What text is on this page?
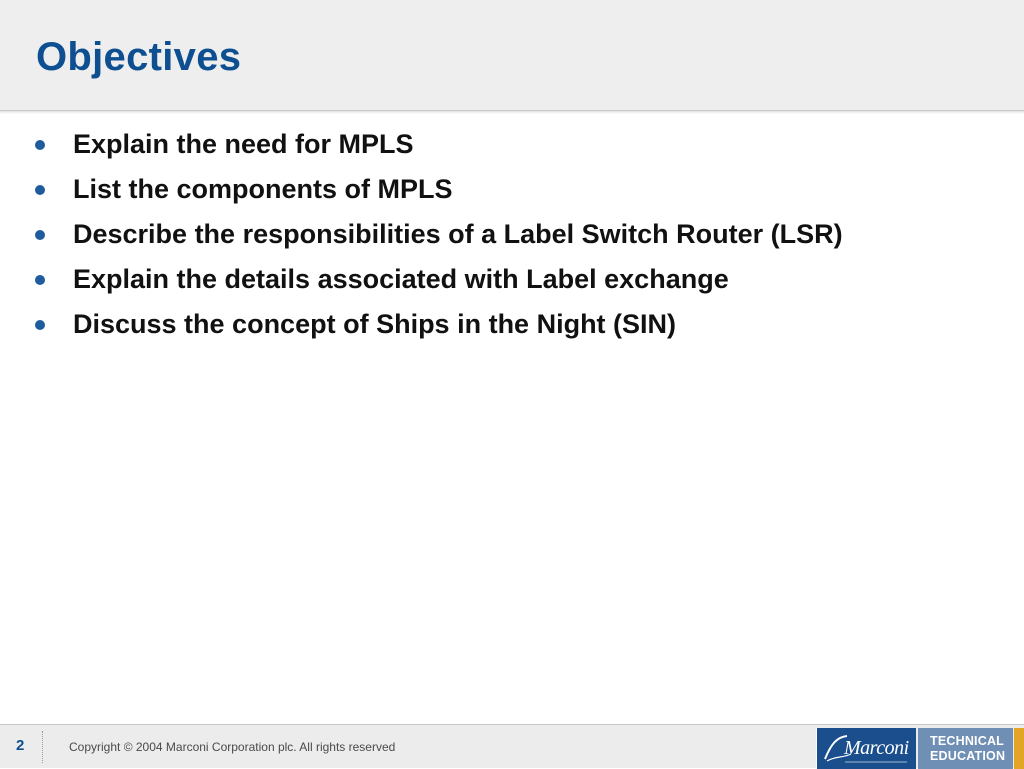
Objectives
Explain the need for MPLS
List the components of MPLS
Describe the responsibilities of a Label Switch Router (LSR)
Explain the details associated with Label exchange
Discuss the concept of Ships in the Night (SIN)
2	Copyright © 2004 Marconi Corporation plc. All rights reserved	Marconi TECHNICAL
EDUCATION
